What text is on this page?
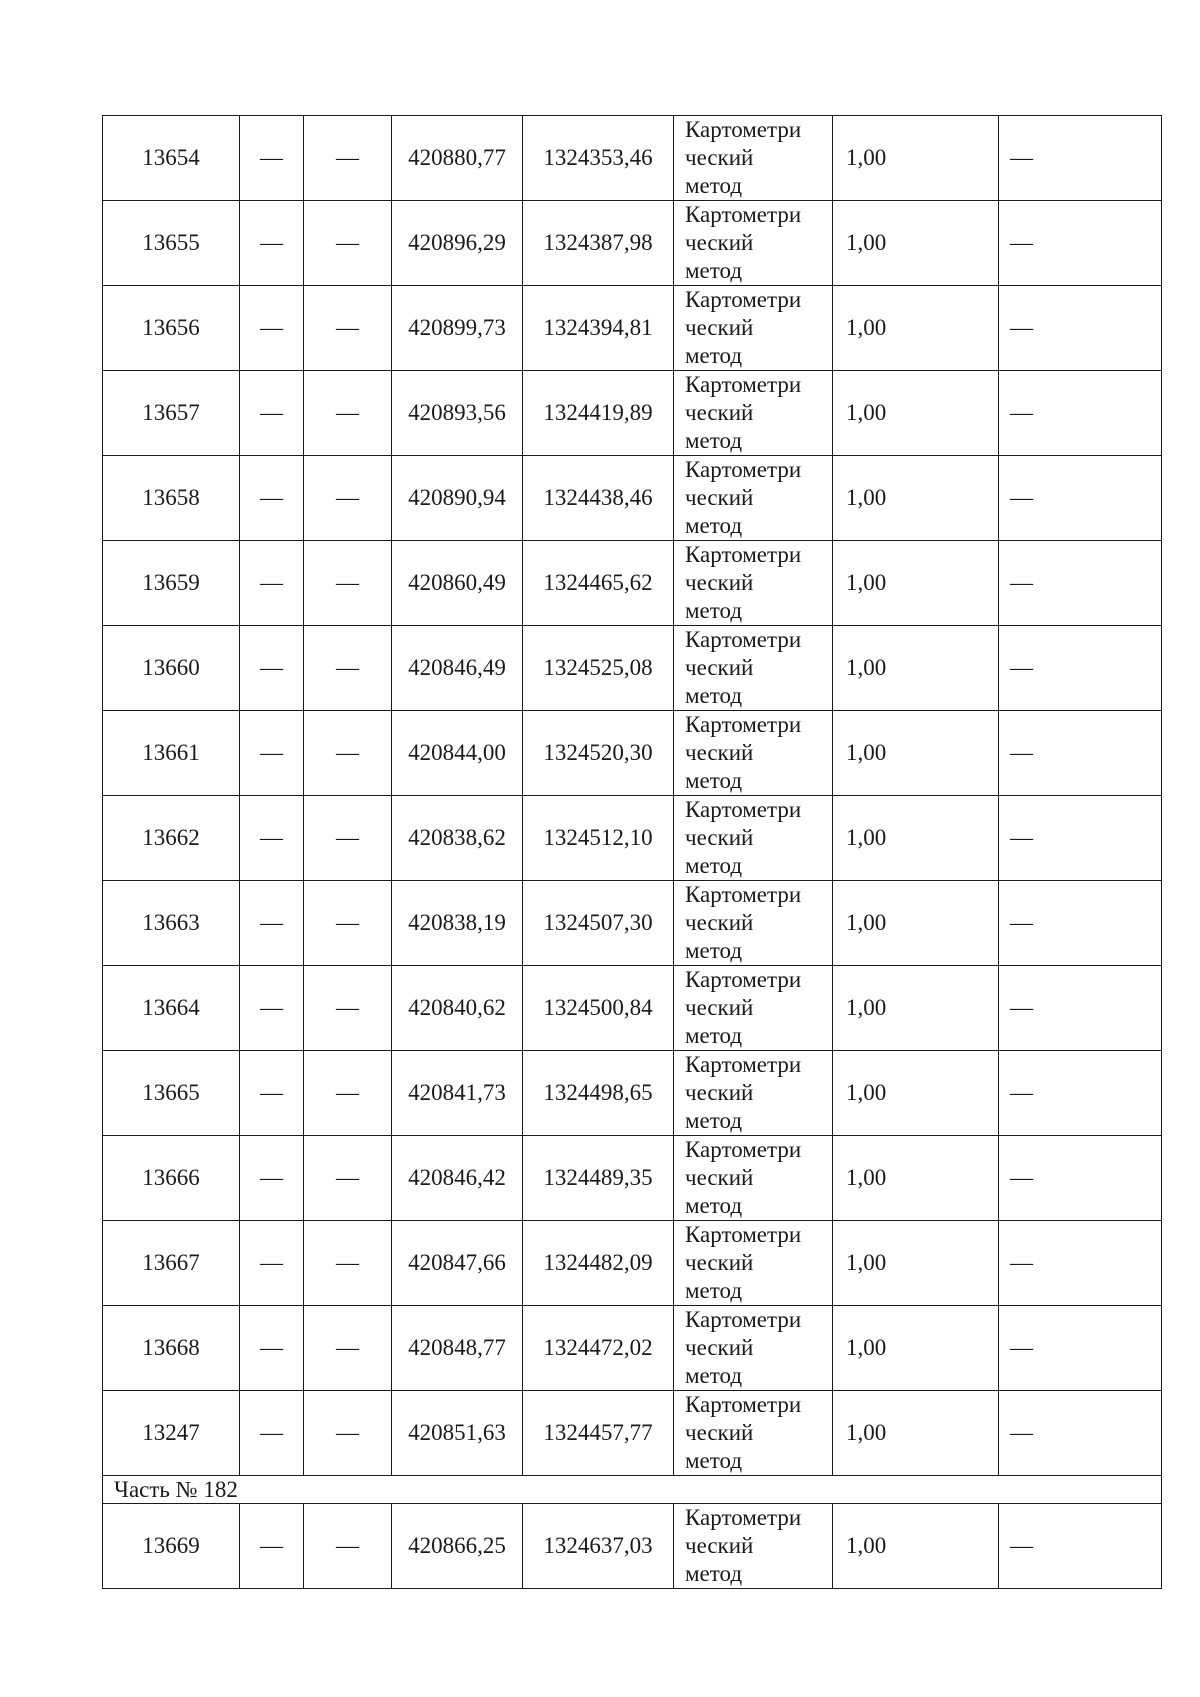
13654	—	—	420880,77	1324353,46	Картометри
ческий
метод	1,00	—
13655	—	—	420896,29	1324387,98	Картометри
ческий
метод	1,00	—
13656	—	—	420899,73	1324394,81	Картометри
ческий
метод	1,00	—
13657	—	—	420893,56	1324419,89	Картометри
ческий
метод	1,00	—
13658	—	—	420890,94	1324438,46	Картометри
ческий
метод	1,00	—
13659	—	—	420860,49	1324465,62	Картометри
ческий
метод	1,00	—
13660	—	—	420846,49	1324525,08	Картометри
ческий
метод	1,00	—
13661	—	—	420844,00	1324520,30	Картометри
ческий
метод	1,00	—
13662	—	—	420838,62	1324512,10	Картометри
ческий
метод	1,00	—
13663	—	—	420838,19	1324507,30	Картометри
ческий
метод	1,00	—
13664	—	—	420840,62	1324500,84	Картометри
ческий
метод	1,00	—
13665	—	—	420841,73	1324498,65	Картометри
ческий
метод	1,00	—
13666	—	—	420846,42	1324489,35	Картометри
ческий
метод	1,00	—
13667	—	—	420847,66	1324482,09	Картометри
ческий
метод	1,00	—
13668	—	—	420848,77	1324472,02	Картометри
ческий
метод	1,00	—
13247	—	—	420851,63	1324457,77	Картометри
ческий
метод	1,00	—
Часть № 182							
13669	—	—	420866,25	1324637,03	Картометри
ческий
метод	1,00	—
